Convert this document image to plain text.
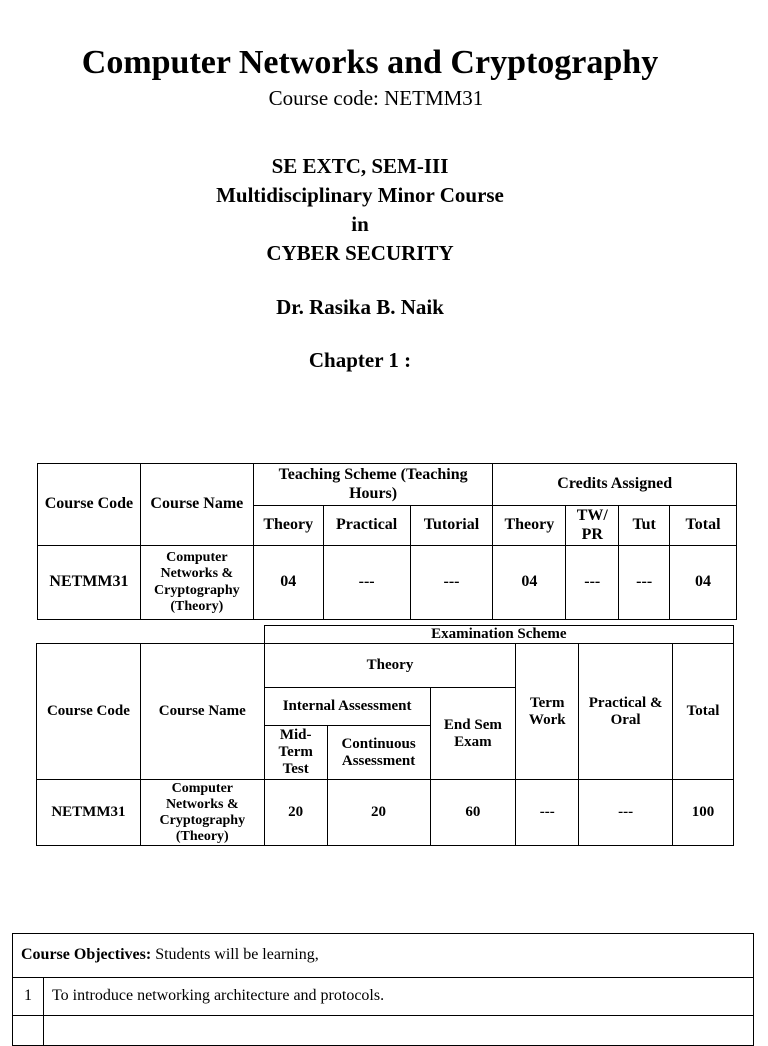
Computer Networks and Cryptography
Course code: NETMM31
SE EXTC, SEM-III
Multidisciplinary Minor Course
in
CYBER SECURITY
Dr. Rasika B. Naik
Chapter 1 :
Course Code	Course Name	Teaching Scheme (Teaching Hours)			Credits Assigned			
		Theory	Practical	Tutorial	Theory	TW/ PR	Tut	Total
NETMM31	Computer Networks & Cryptography (Theory)	04	---	---	04	---	---	04
		Examination Scheme					
Course Code	Course Name	Theory			Term Work	Practical & Oral	Total
		Internal Assessment		End Sem Exam			
		Mid-Term Test	Continuous Assessment				
NETMM31	Computer Networks & Cryptography (Theory)	20	20	60	---	---	100
Course Objectives: Students will be learning,	
1	To introduce networking architecture and protocols.
